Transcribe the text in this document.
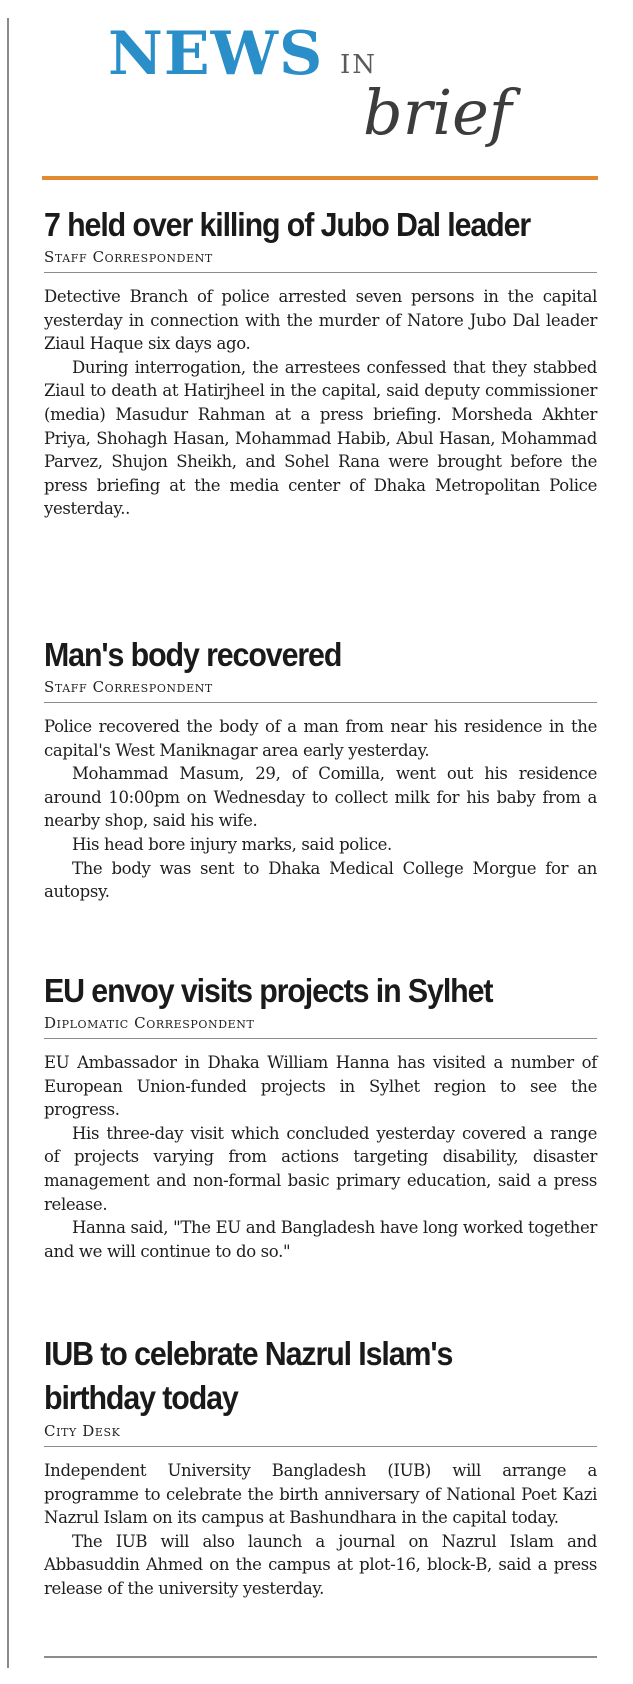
NEWS IN
brief
7 held over killing of Jubo Dal leader
Staff Correspondent

Detective Branch of police arrested seven persons in the capital yesterday in connection with the murder of Natore Jubo Dal leader Ziaul Haque six days ago.

During interrogation, the arrestees confessed that they stabbed Ziaul to death at Hatirjheel in the capital, said deputy commissioner (media) Masudur Rahman at a press briefing. Morsheda Akhter Priya, Shohagh Hasan, Mohammad Habib, Abul Hasan, Mohammad Parvez, Shujon Sheikh, and Sohel Rana were brought before the press briefing at the media center of Dhaka Metropolitan Police yesterday..

Man's body recovered
Staff Correspondent

Police recovered the body of a man from near his residence in the capital's West Maniknagar area early yesterday.

Mohammad Masum, 29, of Comilla, went out his residence around 10:00pm on Wednesday to collect milk for his baby from a nearby shop, said his wife.

His head bore injury marks, said police.

The body was sent to Dhaka Medical College Morgue for an autopsy.

EU envoy visits projects in Sylhet
Diplomatic Correspondent

EU Ambassador in Dhaka William Hanna has visited a number of European Union-funded projects in Sylhet region to see the progress.

His three-day visit which concluded yesterday covered a range of projects varying from actions targeting disability, disaster management and non-formal basic primary education, said a press release.

Hanna said, "The EU and Bangladesh have long worked together and we will continue to do so."

IUB to celebrate Nazrul Islam's birthday today
City Desk

Independent University Bangladesh (IUB) will arrange a programme to celebrate the birth anniversary of National Poet Kazi Nazrul Islam on its campus at Bashundhara in the capital today.

The IUB will also launch a journal on Nazrul Islam and Abbasuddin Ahmed on the campus at plot-16, block-B, said a press release of the university yesterday.
